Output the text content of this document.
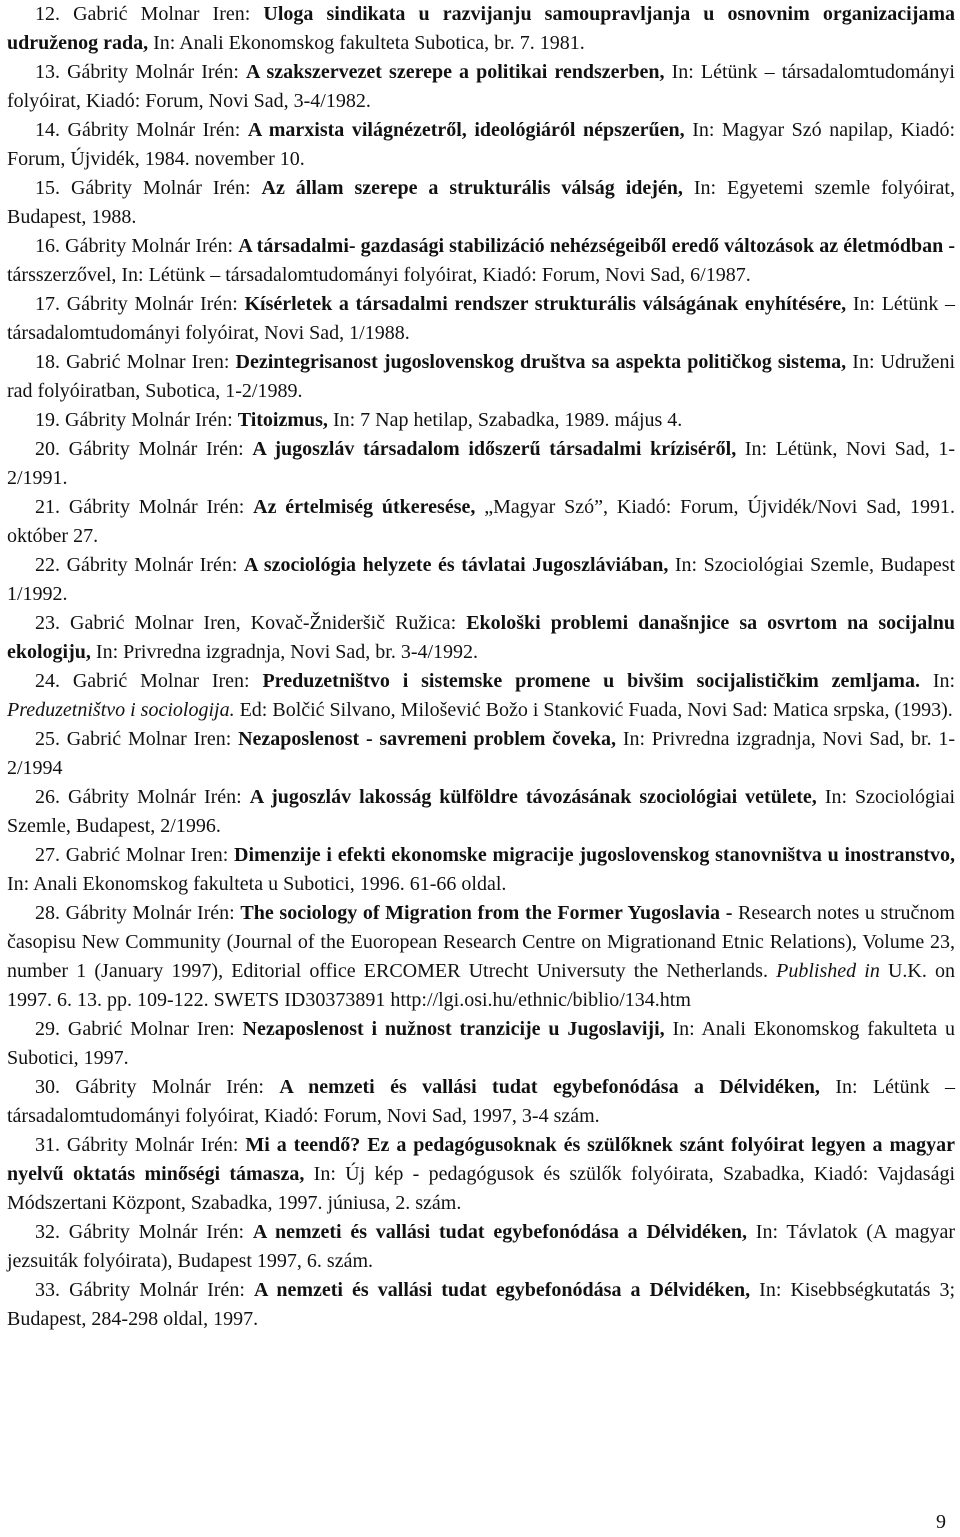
12. Gabrić Molnar Iren: Uloga sindikata u razvijanju samoupravljanja u osnovnim organizacijama udruženog rada, In: Anali Ekonomskog fakulteta Subotica, br. 7. 1981.

13. Gábrity Molnár Irén: A szakszervezet szerepe a politikai rendszerben, In: Létünk – társadalomtudományi folyóirat, Kiadó: Forum, Novi Sad, 3-4/1982.

14. Gábrity Molnár Irén: A marxista világnézetről, ideológiáról népszerűen, In: Magyar Szó napilap, Kiadó: Forum, Újvidék, 1984. november 10.

15. Gábrity Molnár Irén: Az állam szerepe a strukturális válság idején, In: Egyetemi szemle folyóirat, Budapest, 1988.

16. Gábrity Molnár Irén: A társadalmi- gazdasági stabilizáció nehézségeiből eredő változások az életmódban - társszerzővel, In: Létünk – társadalomtudományi folyóirat, Kiadó: Forum, Novi Sad, 6/1987.

17. Gábrity Molnár Irén: Kísérletek a társadalmi rendszer strukturális válságának enyhítésére, In: Létünk – társadalomtudományi folyóirat, Novi Sad, 1/1988.

18. Gabrić Molnar Iren: Dezintegrisanost jugoslovenskog društva sa aspekta političkog sistema, In: Udruženi rad folyóiratban, Subotica, 1-2/1989.

19. Gábrity Molnár Irén: Titoizmus, In: 7 Nap hetilap, Szabadka, 1989. május 4.

20. Gábrity Molnár Irén: A jugoszláv társadalom időszerű társadalmi kríziséről, In: Létünk, Novi Sad, 1-2/1991.

21. Gábrity Molnár Irén: Az értelmiség útkeresése, „Magyar Szó”, Kiadó: Forum, Újvidék/Novi Sad, 1991. október 27.

22. Gábrity Molnár Irén: A szociológia helyzete és távlatai Jugoszláviában, In: Szociológiai Szemle, Budapest 1/1992.

23. Gabrić Molnar Iren, Kovač-Žnideršič Ružica: Ekološki problemi današnjice sa osvrtom na socijalnu ekologiju, In: Privredna izgradnja, Novi Sad, br. 3-4/1992.

24. Gabrić Molnar Iren: Preduzetništvo i sistemske promene u bivšim socijalističkim zemljama. In: Preduzetništvo i sociologija. Ed: Bolčić Silvano, Milošević Božo i Stanković Fuada, Novi Sad: Matica srpska, (1993).

25. Gabrić Molnar Iren: Nezaposlenost - savremeni problem čoveka, In: Privredna izgradnja, Novi Sad, br. 1-2/1994

26. Gábrity Molnár Irén: A jugoszláv lakosság külföldre távozásának szociológiai vetülete, In: Szociológiai Szemle, Budapest, 2/1996.

27. Gabrić Molnar Iren: Dimenzije i efekti ekonomske migracije jugoslovenskog stanovništva u inostranstvo, In: Anali Ekonomskog fakulteta u Subotici, 1996. 61-66 oldal.

28. Gábrity Molnár Irén: The sociology of Migration from the Former Yugoslavia - Research notes u stručnom časopisu New Community (Journal of the Euoropean Research Centre on Migrationand Etnic Relations), Volume 23, number 1 (January 1997), Editorial office ERCOMER Utrecht Universuty the Netherlands. Published in U.K. on 1997. 6. 13. pp. 109-122. SWETS ID30373891 http://lgi.osi.hu/ethnic/biblio/134.htm

29. Gabrić Molnar Iren: Nezaposlenost i nužnost tranzicije u Jugoslaviji, In: Anali Ekonomskog fakulteta u Subotici, 1997.

30. Gábrity Molnár Irén: A nemzeti és vallási tudat egybefonódása a Délvidéken, In: Létünk – társadalomtudományi folyóirat, Kiadó: Forum, Novi Sad, 1997, 3-4 szám.

31. Gábrity Molnár Irén: Mi a teendő? Ez a pedagógusoknak és szülőknek szánt folyóirat legyen a magyar nyelvű oktatás minőségi támasza, In: Új kép - pedagógusok és szülők folyóirata, Szabadka, Kiadó: Vajdasági Módszertani Központ, Szabadka, 1997. júniusa, 2. szám.

32. Gábrity Molnár Irén: A nemzeti és vallási tudat egybefonódása a Délvidéken, In: Távlatok (A magyar jezsuiták folyóirata), Budapest 1997, 6. szám.

33. Gábrity Molnár Irén: A nemzeti és vallási tudat egybefonódása a Délvidéken, In: Kisebbségkutatás 3; Budapest, 284-298 oldal, 1997.

9
